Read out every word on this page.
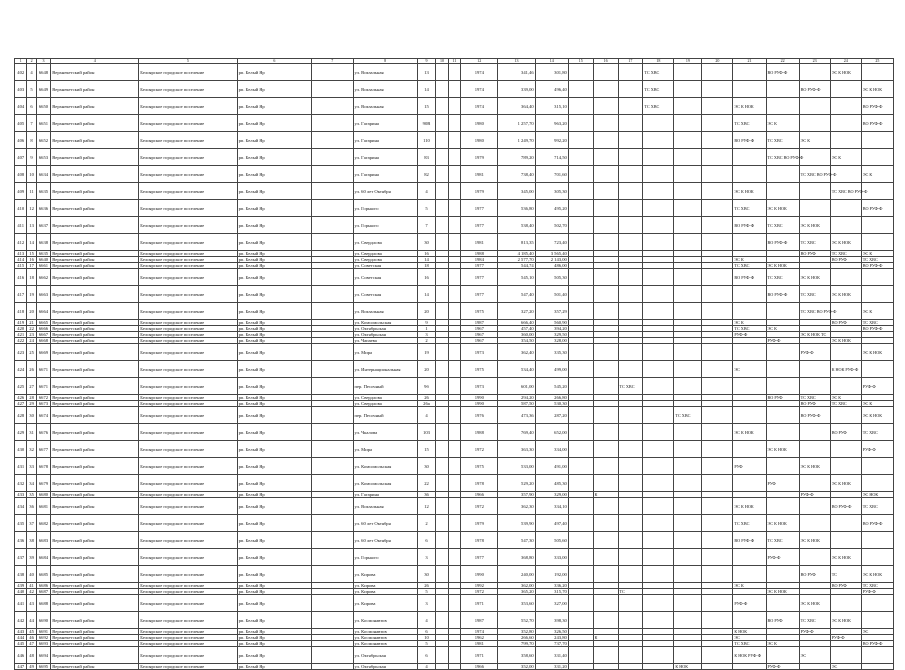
1	2	3	4	5	6	7	8	9	10	11	12	13	14	15	16	17	18	19	20	21	22	23	24	25
402	4	6648	Верхнекетский район	Белоярское городское поселение	рп. Белый Яр		ул. Вокзальная	13			1974	341,46	301,80				ТС ХВС				ВО РУФ-Ф		ЭС К НОК	
403	5	6649	Верхнекетский район	Белоярское городское поселение	рп. Белый Яр		ул. Вокзальная	14			1974	339,00	496,40				ТС ХВС					ВО РУФ-Ф		ЭС К НОК
404	6	6650	Верхнекетский район	Белоярское городское поселение	рп. Белый Яр		ул. Вокзальная	15			1974	364,40	315,10				ТС ХВС			ЭС К НОК				ВО РУФ-Ф
405	7	6651	Верхнекетский район	Белоярское городское поселение	рп. Белый Яр		ул. Гагарина	90В			1980	1 257,70	963,20							ТС ХВС	ЭС К			ВО РУФ-Ф
406	8	6652	Верхнекетский район	Белоярское городское поселение	рп. Белый Яр		ул. Гагарина	110			1980	1 249,70	992,20							ВО РУФ-Ф	ТС ХВС	ЭС К		
407	9	6653	Верхнекетский район	Белоярское городское поселение	рп. Белый Яр		ул. Гагарина	83			1979	789,20	714,50								ТС ХВС ВО РУФ-Ф		ЭС К	
408	10	6634	Верхнекетский район	Белоярское городское поселение	рп. Белый Яр		ул. Гагарина	82			1981	738,40	701,60									ТС ХВС ВО РУФ-Ф		ЭС К
409	11	6635	Верхнекетский район	Белоярское городское поселение	рп. Белый Яр		ул. 60 лет Октября	4			1979	345,00	305,30							ЭС К НОК			ТС ХВС ВО РУФ-Ф	
410	12	6636	Верхнекетский район	Белоярское городское поселение	рп. Белый Яр		ул. Горького	5			1977	536,80	495,20							ТС ХВС	ЭС К НОК			ВО РУФ-Ф
411	13	6637	Верхнекетский район	Белоярское городское поселение	рп. Белый Яр		ул. Горького	7			1977	538,40	502,70							ВО РУФ-Ф	ТС ХВС	ЭС К НОК		
412	14	6638	Верхнекетский район	Белоярское городское поселение	рп. Белый Яр		ул. Свердлова	30			1981	813,35	723,40								ВО РУФ-Ф	ТС ХВС	ЭС К НОК	
413	15	6635	Верхнекетский район	Белоярское городское поселение	рп. Белый Яр		ул. Свердлова	16			1988	4 185,40	3 565,40									ВО РУФ	ТС ХВС	ЭС К
414	16	6640	Верхнекетский район	Белоярское городское поселение	рп. Белый Яр		ул. Свердлова	14			1984	2 577,70	2 143,00							ЭС К			ВО РУФ	ТС ХВС
415	17	6661	Верхнекетский район	Белоярское городское поселение	рп. Белый Яр		ул. Советская	18			1977	544,74	486,00							ТС ХВС	ЭС К НОК			ВО РУФ-Ф
416	18	6662	Верхнекетский район	Белоярское городское поселение	рп. Белый Яр		ул. Советская	16			1977	545,10	505,30							ВО РУФ-Ф	ТС ХВС	ЭС К НОК		
417	19	6663	Верхнекетский район	Белоярское городское поселение	рп. Белый Яр		ул. Советская	14			1977	547,40	501,40								ВО РУФ-Ф	ТС ХВС	ЭС К НОК	
418	20	6664	Верхнекетский район	Белоярское городское поселение	рп. Белый Яр		ул. Вокзальная	20			1975	327,20	357,29									ТС ХВС ВО РУФ-Ф		ЭС К
419	21	6665	Верхнекетский район	Белоярское городское поселение	рп. Белый Яр		ул. Комсомольская	9			1987	666,40	560,90							ЭС К			ВО РУФ	ТС ХВС
420	22	6666	Верхнекетский район	Белоярское городское поселение	рп. Белый Яр		ул. Октябрьская	1			1967	457,40	394,20							ТС ХВС	ЭС К			ВО РУФ-Ф
421	23	6667	Верхнекетский район	Белоярское городское поселение	рп. Белый Яр		ул. Октябрьская	3			1967	360,00	329,50							РУФ-Ф		ЭС К НОК ТС		
422	24	6668	Верхнекетский район	Белоярское городское поселение	рп. Белый Яр		ул. Чапаева	2			1967	354,50	328,00								РУФ-Ф		ЭС К НОК	
423	25	6669	Верхнекетский район	Белоярское городское поселение	рп. Белый Яр		ул. Мира	19			1973	362,40	335,30									РУФ-Ф		ЭС К НОК
424	26	6671	Верхнекетский район	Белоярское городское поселение	рп. Белый Яр		ул. Интернациональная	20			1975	534,40	499,00							ЭС			К НОК РУФ-Ф	
425	27	6671	Верхнекетский район	Белоярское городское поселение	рп. Белый Яр		пер. Песочный	9б			1973	601,00	545,20			ТС ХВС								РУФ-Ф
426	28	6672	Верхнекетский район	Белоярское городское поселение	рп. Белый Яр		ул. Свердлова	26			1990	294,20	266,80								ВО РУФ	ТС ХВС	ЭС К	
427	29	6673	Верхнекетский район	Белоярское городское поселение	рп. Белый Яр		ул. Свердлова	26а			1990	587,50	530,30									ВО РУФ	ТС ХВС	ЭС К
428	30	6674	Верхнекетский район	Белоярское городское поселение	рп. Белый Яр		пер. Песочный	4			1976	473,36	287,20					ТС ХВС				ВО РУФ-Ф		ЭС К НОК
429	31	6676	Верхнекетский район	Белоярское городское поселение	рп. Белый Яр		ул. Чкалова	103			1988	769,40	652,00							ЭС К НОК			ВО РУФ	ТС ХВС
430	32	6677	Верхнекетский район	Белоярское городское поселение	рп. Белый Яр		ул. Мира	15			1972	363,30	334,00								ЭС К НОК			РУФ-Ф
431	33	6678	Верхнекетский район	Белоярское городское поселение	рп. Белый Яр		ул. Комсомольская	30			1975	533,00	491,00							РУФ		ЭС К НОК		
432	34	6679	Верхнекетский район	Белоярское городское поселение	рп. Белый Яр		ул. Комсомольская	22			1978	529,20	485,30								РУФ		ЭС К НОК	
433	35	6680	Верхнекетский район	Белоярское городское поселение	рп. Белый Яр		ул. Гагарина	36			1966	357,90	329,00		К							РУФ-Ф		ЭС НОК
434	36	6681	Верхнекетский район	Белоярское городское поселение	рп. Белый Яр		ул. Вокзальная	12			1972	362,30	334,10							ЭС К НОК			ВО РУФ-Ф	ТС ХВС
435	37	6682	Верхнекетский район	Белоярское городское поселение	рп. Белый Яр		ул. 60 лет Октября	2			1979	539,90	497,40							ТС ХВС	ЭС К НОК			ВО РУФ-Ф
436	38	6683	Верхнекетский район	Белоярское городское поселение	рп. Белый Яр		ул. 60 лет Октября	6			1978	547,30	505,60							ВО РУФ-Ф	ТС ХВС	ЭС К НОК		
437	39	6684	Верхнекетский район	Белоярское городское поселение	рп. Белый Яр		ул. Горького	3			1977	368,80	333,00								РУФ-Ф		ЭС К НОК	
438	40	6685	Верхнекетский район	Белоярское городское поселение	рп. Белый Яр		ул. Кирова	30			1990	240,00	192,00									ВО РУФ	ТС	ЭС К НОК
439	41	6686	Верхнекетский район	Белоярское городское поселение	рп. Белый Яр		ул. Кирова	26			1992	362,00	336,20							ЭС К			ВО РУФ	ТС ХВС
440	42	6687	Верхнекетский район	Белоярское городское поселение	рп. Белый Яр		ул. Кирова	5			1972	365,20	315,70			ТС					ЭС К НОК			РУФ-Ф
441	43	6688	Верхнекетский район	Белоярское городское поселение	рп. Белый Яр		ул. Кирова	3			1971	353,60	327,00							РУФ-Ф		ЭС К НОК		
442	44	6690	Верхнекетский район	Белоярское городское поселение	рп. Белый Яр		ул. Космонавтов	4			1987	552,70	398,30								ВО РУФ	ТС ХВС	ЭС К НОК	
443	45	6691	Верхнекетский район	Белоярское городское поселение	рп. Белый Яр		ул. Космонавтов	6			1974	352,80	326,50							К НОК		РУФ-Ф		ЭС
444	46	6692	Верхнекетский район	Белоярское городское поселение	рп. Белый Яр		ул. Космонавтов	10			1962	266,60	243,80		К					ЭС			РУФ-Ф	
445	47	6693	Верхнекетский район	Белоярское городское поселение	рп. Белый Яр		ул. Космонавтов	5			1981	799,70	737,70							ТС ХВС	ЭС К			ВО РУФ-Ф
446	48	6694	Верхнекетский район	Белоярское городское поселение	рп. Белый Яр		ул. Октябрьская	6			1971	358,60	331,40							К НОК РУФ-Ф		ЭС		
447	49	6695	Верхнекетский район	Белоярское городское поселение	рп. Белый Яр		ул. Октябрьская	4			1966	352,00	331,20					К НОК			РУФ-Ф		ЭС	
